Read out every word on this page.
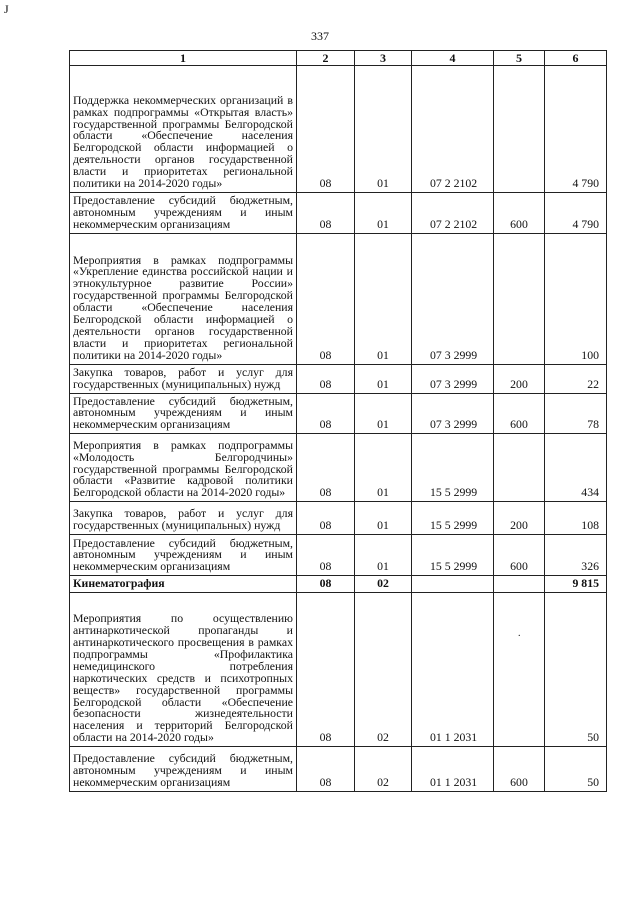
J
337
1	2	3	4	5	6
Поддержка некоммерческих организаций в рамках подпрограммы «Открытая власть» государственной программы Белгородской области «Обеспечение населения Белгородской области информацией о деятельности органов государственной власти и приоритетах региональной политики на 2014-2020 годы»	08	01	07 2 2102		4 790
Предоставление субсидий бюджетным, автономным учреждениям и иным некоммерческим организациям	08	01	07 2 2102	600	4 790
Мероприятия в рамках подпрограммы «Укрепление единства российской нации и этнокультурное развитие России» государственной программы Белгородской области «Обеспечение населения Белгородской области информацией о деятельности органов государственной власти и приоритетах региональной политики на 2014-2020 годы»	08	01	07 3 2999		100
Закупка товаров, работ и услуг для государственных (муниципальных) нужд	08	01	07 3 2999	200	22
Предоставление субсидий бюджетным, автономным учреждениям и иным некоммерческим организациям	08	01	07 3 2999	600	78
Мероприятия в рамках подпрограммы «Молодость Белгородчины» государственной программы Белгородской области «Развитие кадровой политики Белгородской области на 2014-2020 годы»	08	01	15 5 2999		434
Закупка товаров, работ и услуг для государственных (муниципальных) нужд	08	01	15 5 2999	200	108
Предоставление субсидий бюджетным, автономным учреждениям и иным некоммерческим организациям	08	01	15 5 2999	600	326
Кинематография	08	02			9 815
Мероприятия по осуществлению антинаркотической пропаганды и антинаркотического просвещения в рамках подпрограммы «Профилактика немедицинского потребления наркотических средств и психотропных веществ» государственной программы Белгородской области «Обеспечение безопасности жизнедеятельности населения и территорий Белгородской области на 2014-2020 годы»	08	02	01 1 2031		50
Предоставление субсидий бюджетным, автономным учреждениям и иным некоммерческим организациям	08	02	01 1 2031	600	50
.
